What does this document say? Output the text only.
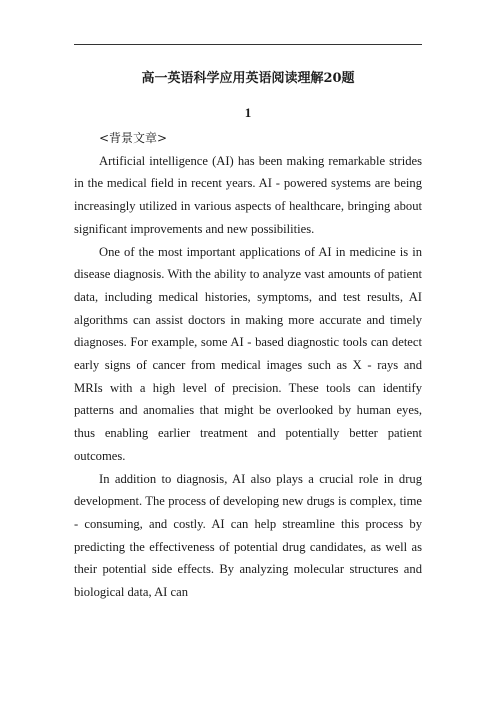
高一英语科学应用英语阅读理解20题
1

<背景文章>

Artificial intelligence (AI) has been making remarkable strides in the medical field in recent years. AI - powered systems are being increasingly utilized in various aspects of healthcare, bringing about significant improvements and new possibilities.

One of the most important applications of AI in medicine is in disease diagnosis. With the ability to analyze vast amounts of patient data, including medical histories, symptoms, and test results, AI algorithms can assist doctors in making more accurate and timely diagnoses. For example, some AI - based diagnostic tools can detect early signs of cancer from medical images such as X - rays and MRIs with a high level of precision. These tools can identify patterns and anomalies that might be overlooked by human eyes, thus enabling earlier treatment and potentially better patient outcomes.

In addition to diagnosis, AI also plays a crucial role in drug development. The process of developing new drugs is complex, time - consuming, and costly. AI can help streamline this process by predicting the effectiveness of potential drug candidates, as well as their potential side effects. By analyzing molecular structures and biological data, AI can
